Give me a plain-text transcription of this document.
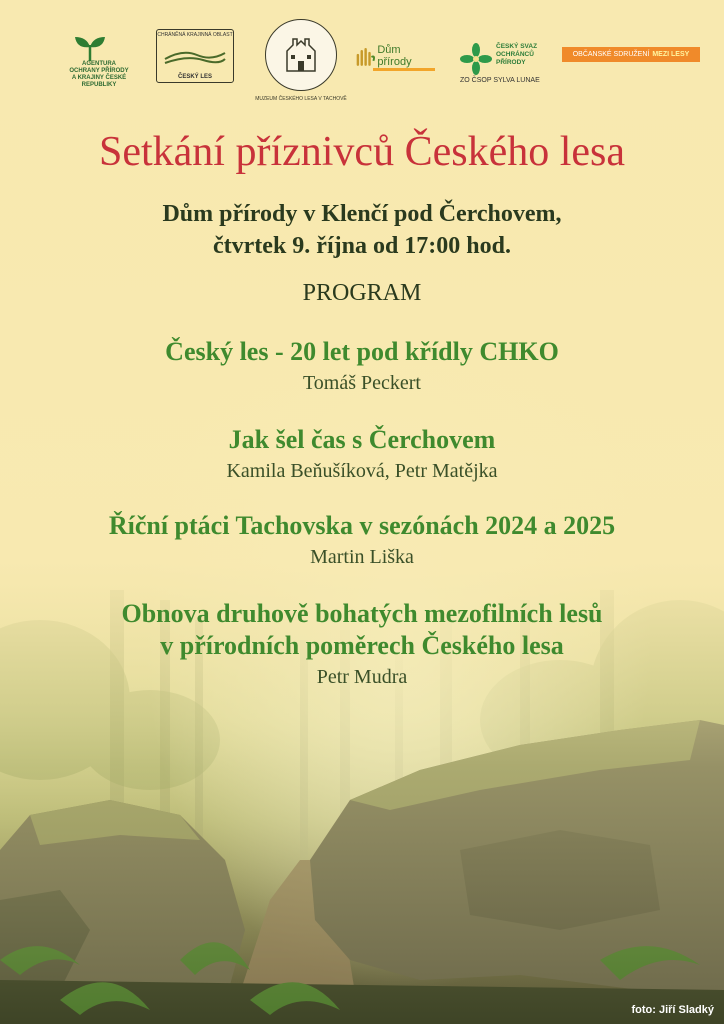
AGENTURA OCHRANY PŘÍRODY A KRAJINY ČESKÉ REPUBLIKY
CHRÁNĚNÁ KRAJINNÁ OBLAST
ČESKÝ LES
MUZEUM ČESKÉHO LESA V TACHOVĚ
Dům přírody
ČESKÝ SVAZ
OCHRÁNCŮ
PŘÍRODY
ZO ČSOP SYLVA LUNAE
OBČANSKÉ SDRUŽENÍ MEZI LESY
Setkání příznivců Českého lesa
Dům přírody v Klenčí pod Čerchovem,
čtvrtek 9. října od 17:00 hod.
PROGRAM
Český les - 20 let pod křídly CHKO
Tomáš Peckert
Jak šel čas s Čerchovem
Kamila Beňušíková, Petr Matějka
Říční ptáci Tachovska v sezónách 2024 a 2025
Martin Liška
Obnova druhově bohatých mezofilních lesů
v přírodních poměrech Českého lesa
Petr Mudra
foto: Jiří Sladký
